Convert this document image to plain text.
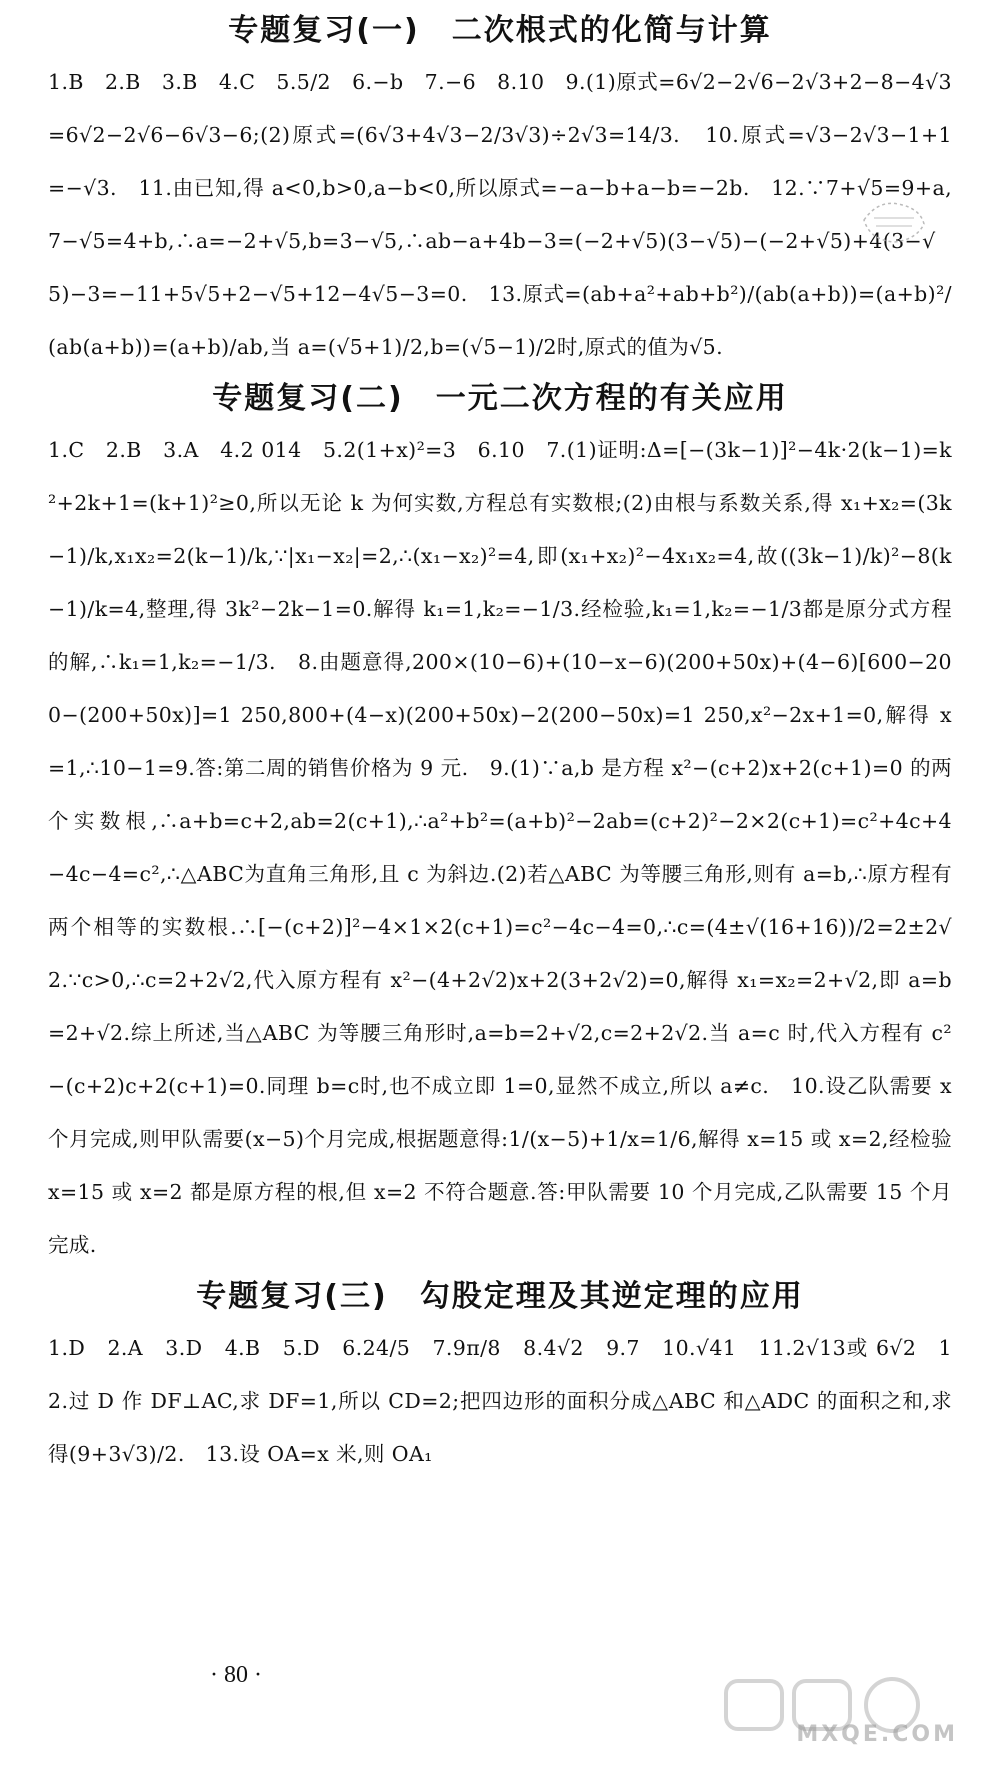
专题复习(一)　二次根式的化简与计算

1.B　2.B　3.B　4.C　5.5/2　6.−b　7.−6　8.10　9.(1)原式=6√2−2√6−2√3+2−8−4√3=6√2−2√6−6√3−6;(2)原式=(6√3+4√3−2/3√3)÷2√3=14/3.　10.原式=√3−2√3−1+1=−√3.　11.由已知,得 a<0,b>0,a−b<0,所以原式=−a−b+a−b=−2b.　12.∵7+√5=9+a,7−√5=4+b,∴a=−2+√5,b=3−√5,∴ab−a+4b−3=(−2+√5)(3−√5)−(−2+√5)+4(3−√5)−3=−11+5√5+2−√5+12−4√5−3=0.　13.原式=(ab+a²+ab+b²)/(ab(a+b))=(a+b)²/(ab(a+b))=(a+b)/ab,当 a=(√5+1)/2,b=(√5−1)/2时,原式的值为√5.

专题复习(二)　一元二次方程的有关应用

1.C　2.B　3.A　4.2 014　5.2(1+x)²=3　6.10　7.(1)证明:Δ=[−(3k−1)]²−4k·2(k−1)=k²+2k+1=(k+1)²≥0,所以无论 k 为何实数,方程总有实数根;(2)由根与系数关系,得 x₁+x₂=(3k−1)/k,x₁x₂=2(k−1)/k,∵|x₁−x₂|=2,∴(x₁−x₂)²=4,即(x₁+x₂)²−4x₁x₂=4,故((3k−1)/k)²−8(k−1)/k=4,整理,得 3k²−2k−1=0.解得 k₁=1,k₂=−1/3.经检验,k₁=1,k₂=−1/3都是原分式方程的解,∴k₁=1,k₂=−1/3.　8.由题意得,200×(10−6)+(10−x−6)(200+50x)+(4−6)[600−200−(200+50x)]=1 250,800+(4−x)(200+50x)−2(200−50x)=1 250,x²−2x+1=0,解得 x=1,∴10−1=9.答:第二周的销售价格为 9 元.　9.(1)∵a,b 是方程 x²−(c+2)x+2(c+1)=0 的两个实数根,∴a+b=c+2,ab=2(c+1),∴a²+b²=(a+b)²−2ab=(c+2)²−2×2(c+1)=c²+4c+4−4c−4=c²,∴△ABC为直角三角形,且 c 为斜边.(2)若△ABC 为等腰三角形,则有 a=b,∴原方程有两个相等的实数根.∴[−(c+2)]²−4×1×2(c+1)=c²−4c−4=0,∴c=(4±√(16+16))/2=2±2√2.∵c>0,∴c=2+2√2,代入原方程有 x²−(4+2√2)x+2(3+2√2)=0,解得 x₁=x₂=2+√2,即 a=b=2+√2.综上所述,当△ABC 为等腰三角形时,a=b=2+√2,c=2+2√2.当 a=c 时,代入方程有 c²−(c+2)c+2(c+1)=0.同理 b=c时,也不成立即 1=0,显然不成立,所以 a≠c.　10.设乙队需要 x 个月完成,则甲队需要(x−5)个月完成,根据题意得:1/(x−5)+1/x=1/6,解得 x=15 或 x=2,经检验 x=15 或 x=2 都是原方程的根,但 x=2 不符合题意.答:甲队需要 10 个月完成,乙队需要 15 个月完成.

专题复习(三)　勾股定理及其逆定理的应用

1.D　2.A　3.D　4.B　5.D　6.24/5　7.9π/8　8.4√2　9.7　10.√41　11.2√13或 6√2　12.过 D 作 DF⊥AC,求 DF=1,所以 CD=2;把四边形的面积分成△ABC 和△ADC 的面积之和,求得(9+3√3)/2.　13.设 OA=x 米,则 OA₁

· 80 ·
MXQE.COM
